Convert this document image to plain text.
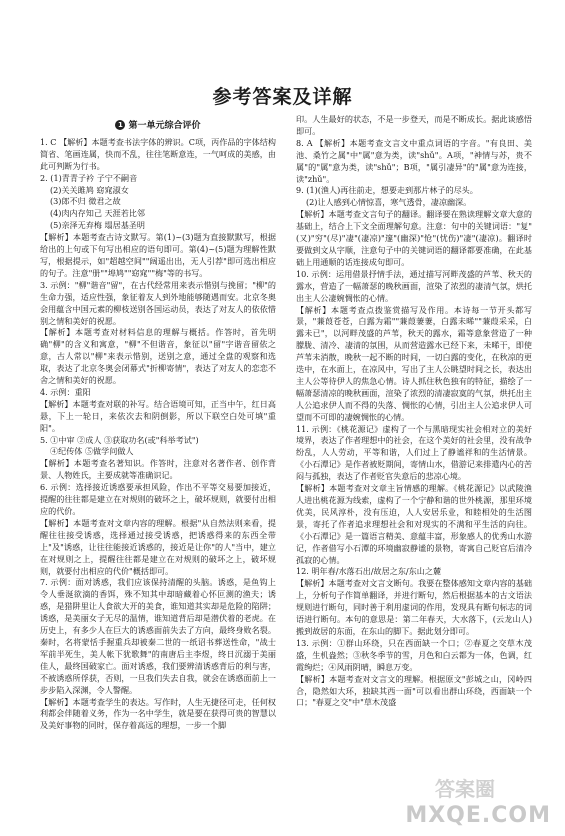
参考答案及详解
1 第一单元综合评价

1. C 【解析】本题考查书法字体的辨识。C项，丙作品的字体结构简省、笔画连属，快而不乱，往往笔断意连，一气呵成的美感，由此可判断为行书。

2. (1)青青子衿 子宁不嗣音

(2)关关雎鸠 窈窕淑女

(3)郎不归 微君之故

(4)肉内存知己 天涯若比邻

(5)亲泽无弃梅 塌居基圣明

【解析】本题考查古诗文默写。第(1)~(3)题为直接默默写，根据给出的上句或下句写出相应的语句即可。第(4)~(5)题为理解性默写，根据提示，如"超越空间""阔遥出出，无人引荐"即可选出相应的句子。注意"册""埠鸠""窈窕""梅"等的书写。

3. 示例："柳"谐音"留"，在古代经常用来表示惜别与挽留；"柳"的生命力强，适应性强，象征着友人到外地能够随遇而安。北京冬奥会用蕴含中国元素的柳枝送别各国运动员，表达了对友人的依依惜别之情和美好的祝愿。

【解析】本题考查对材料信息的理解与概括。作答时，首先明确"柳"的含义和寓意，"柳"不但谐音，象征以"留"字谐音留依之意，古人常以"柳"来表示惜别，送别之意，通过全盘的观察和选取，表达了北京冬奥会闭幕式"折柳寄情"，表达了对友人的恋恋不舍之情和美好的祝愿。

4. 示例：重阳

【解析】本题考查对联的补写。结合语境可知，正当中午，红日高悬，下上一轮日，来依次去和阴倒影，所以下联空白处可填"重阳"。

5. ①中审 ②成人 ③获取功名(或"科举考试")

④纪传体 ⑤做学问做人

【解析】本题考查名著知识。作答时，注意对名著作者、创作背景、人物姓氏，主要成就等准确识记。

6. 示例：选择接近诱惑要承担风险，作出不平等交易要加接近，提醒的往往都是建立在对规则的破坏之上，破坏规则，就要付出相应的代价。

【解析】本题考查对文章内容的理解。根据"从自然法则来看，提醒往往接受诱惑，选择通过接受诱惑，把诱惑得来的东西全带上"及"诱惑，让往往能接近诱惑的，接近是让你"的人"当中，建立在对规则之上，提醒往往都是建立在对规则的破坏之上，破坏规则，就要付出相应的代价"概括即可。

7. 示例：面对诱惑，我们应该保持清醒的头脑。诱惑，是鱼钩上令人垂涎欲滴的香饵，殊不知其中却暗藏着心怀叵测的渔夫；诱惑，是猎阱里让人食欲大开的美食，谁知道其实却是危险的陷阱；诱惑，是美丽女子无尽的温情，谁知道背后却是潜伏着的老虎。在历史上，有多少人在巨大的诱惑面前失去了方向，最终身败名裂。秦时，名将蒙恬手握重兵却被秦二世的一纸诏书葬送性命，"战士军前半死生，美人帐下犹歌舞"的南唐后主李煜，终日沉溺于美丽佳人，最终国破家亡。面对诱惑，我们要辨清诱惑背后的利与害，不被诱惑所俘获，否则，一旦我们失去自我，就会在诱惑面前上一步步陷入深渊，令人警醒。

【解析】本题考查学生的表达。写作时，人生无捷径可走，任何权利都会伴随着义务，作为一名中学生，就是要在获得可贵的智慧以及美好事物的同时，保存着高远的理想，一步一个脚

印。人生最好的状态，不是一步登天，而是不断成长。据此谈感悟即可。

8. A 【解析】本题考查文言文中重点词语的字音。"有良田、美池、桑竹之属"中"属"意为类，读"shǔ"。A项，"神情与苏，贵不属"的"属"意为类，读"shǔ"；B项，"属引凄异"的"属"意为连接，读"zhǔ"。

9. (1)(渔人)再往前走，想要走到那片林子的尽头。

(2)让人感到心情惊喜，寒气透骨，凄凉幽深。

【解析】本题考查文言句子的翻译。翻译要在熟读理解文章大意的基础上，结合上下文全面理解句意。注意：句中的关键词语："复"(又)"穷"(尽)"凄"(凄凉)"邃"(幽深)"怆"(忧伤)"凄"(凄凉)。翻译时要做到文从字顺，注意句子中的关键词语的翻译都要准确，在此基础上用通顺的话连接成句即可。

10. 示例：运用借景抒情手法，通过描写河畔茂盛的芦苇、秋天的露水，营造了一幅萧瑟的晚秋画面，渲染了浓烈的凄清气氛，烘托出主人公凄婉惆怅的心情。

【解析】本题考查点拨鉴赏描写及作用。本诗每一节开头都写景，"蒹葭苍苍，白露为霜""蒹葭萋萋，白露未晞""蒹葭采采，白露未已"，以河畔茂盛的芦苇，秋天的露水，霜等意象营造了一种朦胧、清冷、凄清的氛围，从而营造露水已经下来，未晞干，即使芦苇未消散，晚秋一起不断的时间，一切白露的变化，在秋凉的更迭中，在水面上，在凉风中，写出了主人公眺望时间之长，表达出主人公等待伊人的焦急心情。诗人抓住秋色独有的特征，描绘了一幅萧瑟清凉的晚秋画面，渲染了浓烈的清凄寂寞的气氛，烘托出主人公追求伊人而不得的失落、惆怅的心情，引出主人公追求伊人可望而不可即的凄婉惆怅的心情。

11. 示例：《桃花源记》虚构了一个与黑暗现实社会相对立的美好境界，表达了作者理想中的社会，在这个美好的社会里，没有战争纷乱，人人劳动，平等和谐，人们过上了静谧祥和的生活情景。《小石潭记》是作者被贬期间，寄情山水，借游记来排遣内心的苦闷与孤独，表达了作者贬官失意后的悲凉心境。

【解析】本题考查对文章主旨情感的理解。《桃花源记》以武陵渔人进出桃花源为线索，虚构了一个宁静和谐的世外桃源，那里环境优美，民风淳朴，没有压迫，人人安居乐业，和睦相处的生活图景，寄托了作者追求理想社会和对现实的不满和平生活的向往。《小石潭记》是一篇语言精美、意蕴丰富，形象感人的优秀山水游记，作者借写小石潭的环境幽寂静谧的景物，寄寓自己贬官后清冷孤寂的心情。

12. 明年春/水落石出/故居之东/东山之麓

【解析】本题考查对文言文断句。我要在整体感知文章内容的基础上，分析句子作简单翻译，并进行断句，然后根据基本的古文语法规则进行断句，同时善于利用虚词的作用，发现具有断句标志的词语进行断句。本句的意思是：第二年春天，大水落下，(云龙山人)搬到故居的东面，在东山的脚下。据此划分即可。

13. 示例：①群山环绕，只在西面缺一个口；②春夏之交草木茂盛，生机盎然；③秋冬季节的雪，月色和白云都为一体，色调，红霞绚烂；④风雨阴晴，瞬息万变。

【解析】本题考查对文言文的理解。根据原文"彭城之山，冈岭四合，隐然如大环，独缺其西一面"可以看出群山环绕，西面缺一个口；"春夏之交"中"草木茂盛

答案圈
MXQE.COM
